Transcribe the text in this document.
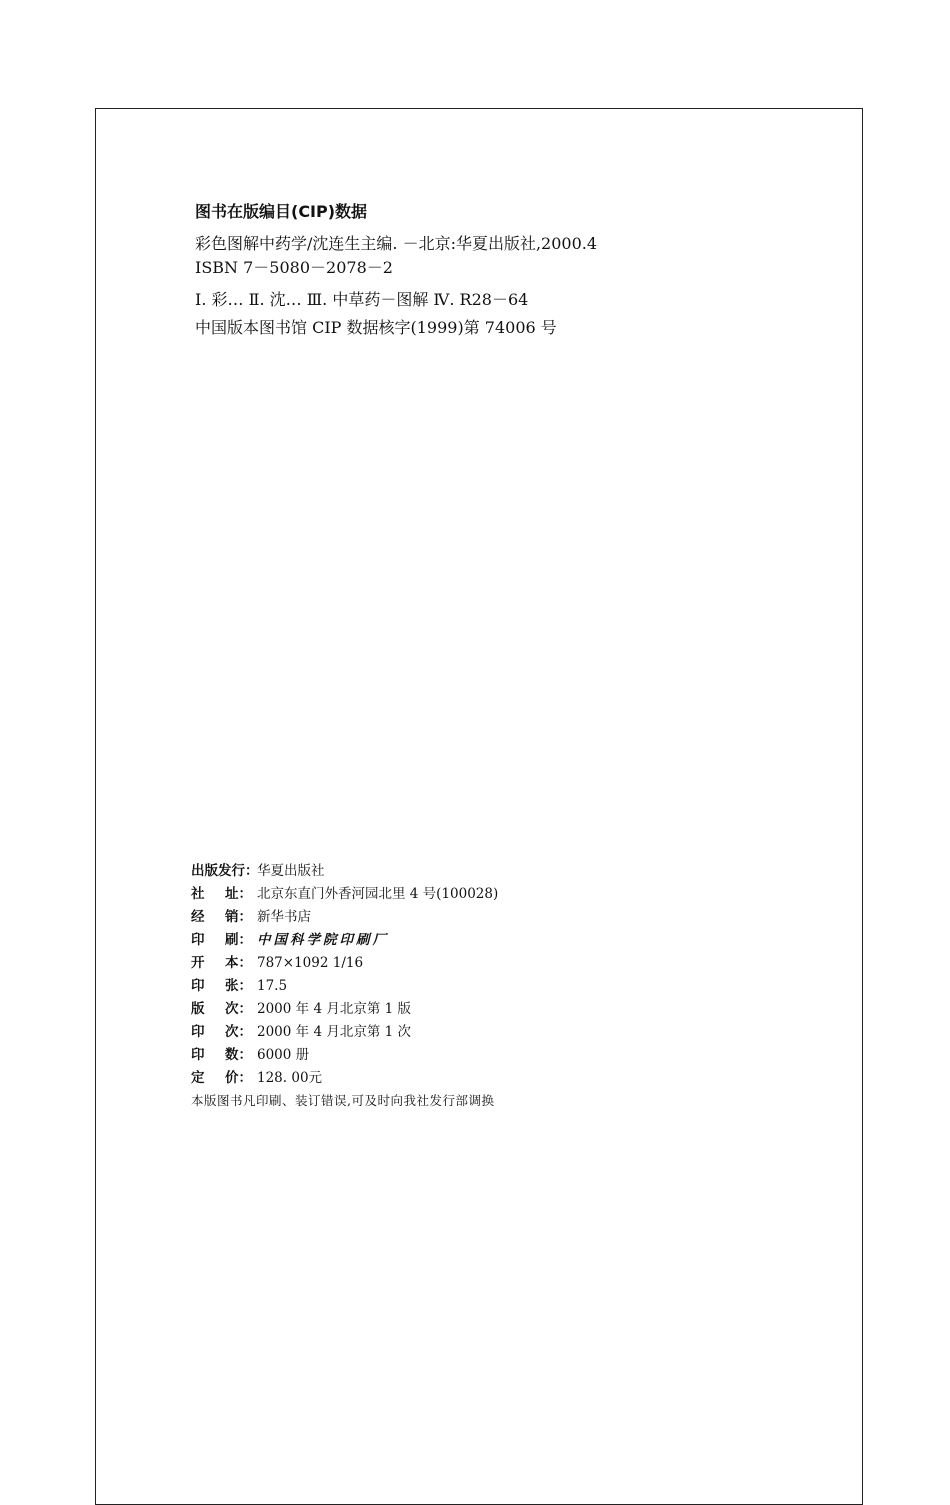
图书在版编目(CIP)数据
彩色图解中药学/沈连生主编. －北京:华夏出版社,2000.4
ISBN 7－5080－2078－2
Ⅰ. 彩… Ⅱ. 沈… Ⅲ. 中草药－图解 Ⅳ. R28－64
中国版本图书馆 CIP 数据核字(1999)第 74006 号
出版发行：
华夏出版社
社 址： 北京东直门外香河园北里 4 号(100028)
经 销： 新华书店
印 刷： 中国科学院印刷厂
开 本： 787×1092 1/16
印 张： 17.5
版 次： 2000 年 4 月北京第 1 版
印 次： 2000 年 4 月北京第 1 次
印 数： 6000 册
定 价： 128. 00元
本版图书凡印刷、装订错误,可及时向我社发行部调换
